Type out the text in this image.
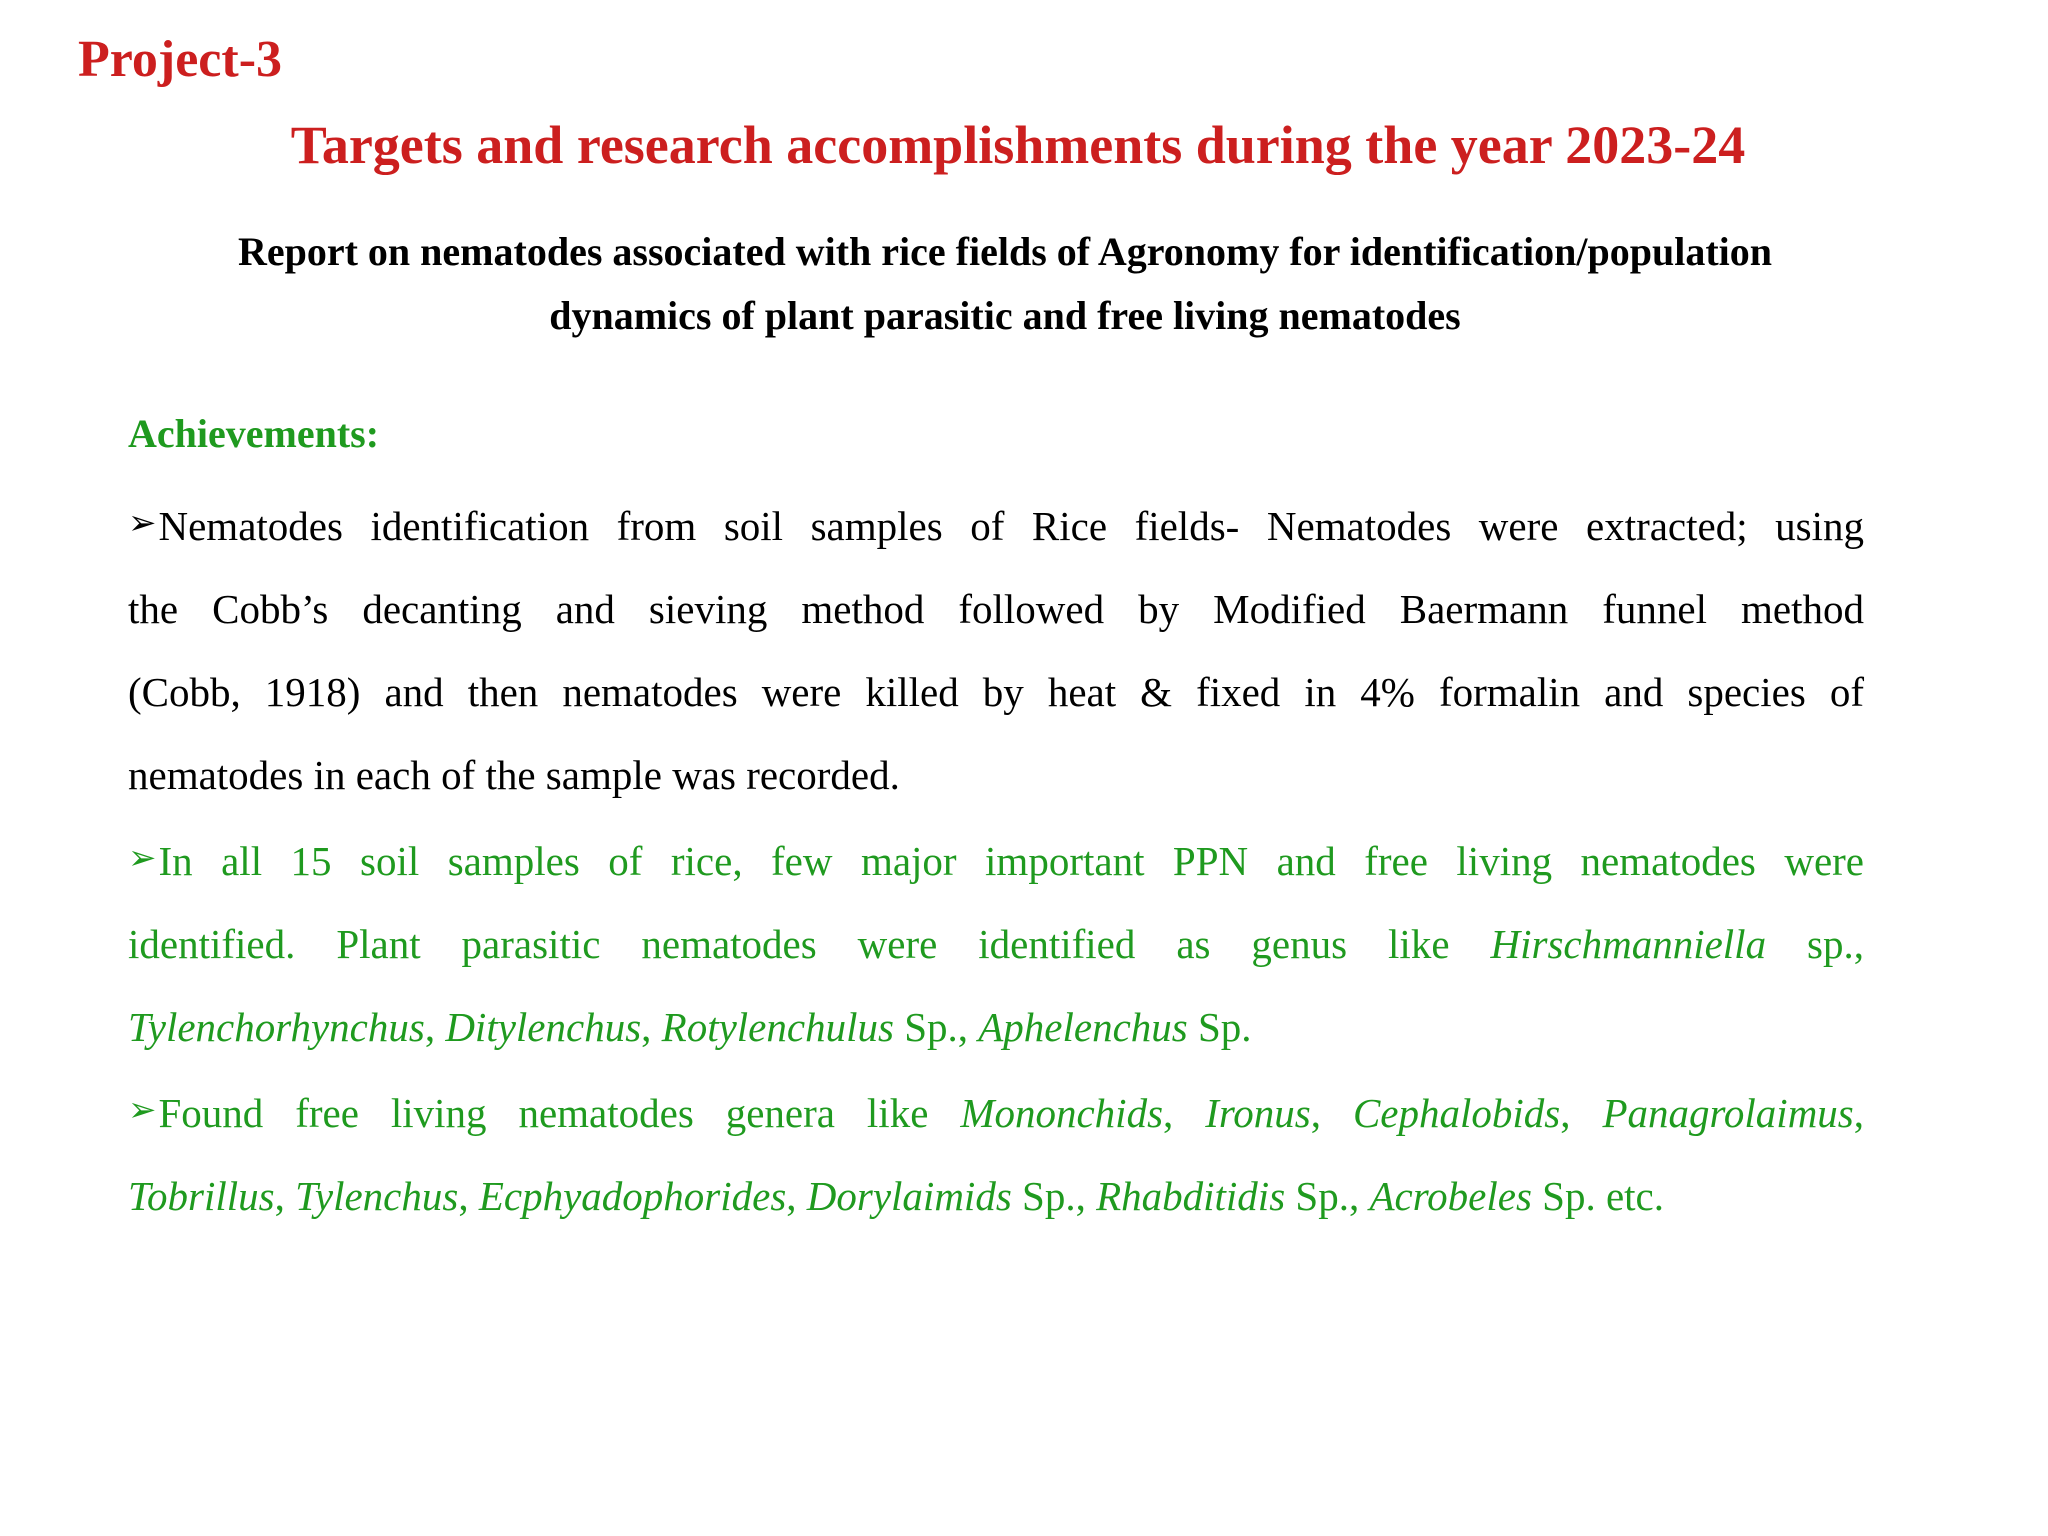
Project-3
Targets and research accomplishments during the year 2023-24
Report on nematodes associated with rice fields of Agronomy for identification/population
dynamics of plant parasitic and free living nematodes
Achievements:
➢Nematodes identification from soil samples of Rice fields- Nematodes were extracted; using
the Cobb’s decanting and sieving method followed by Modified Baermann funnel method
(Cobb, 1918) and then nematodes were killed by heat & fixed in 4% formalin and species of
nematodes in each of the sample was recorded.
➢In all 15 soil samples of rice, few major important PPN and free living nematodes were
identified. Plant parasitic nematodes were identified as genus like Hirschmanniella sp.,
Tylenchorhynchus, Ditylenchus, Rotylenchulus Sp., Aphelenchus Sp.
➢Found free living nematodes genera like Mononchids, Ironus, Cephalobids, Panagrolaimus,
Tobrillus, Tylenchus, Ecphyadophorides, Dorylaimids Sp., Rhabditidis Sp., Acrobeles Sp. etc.
